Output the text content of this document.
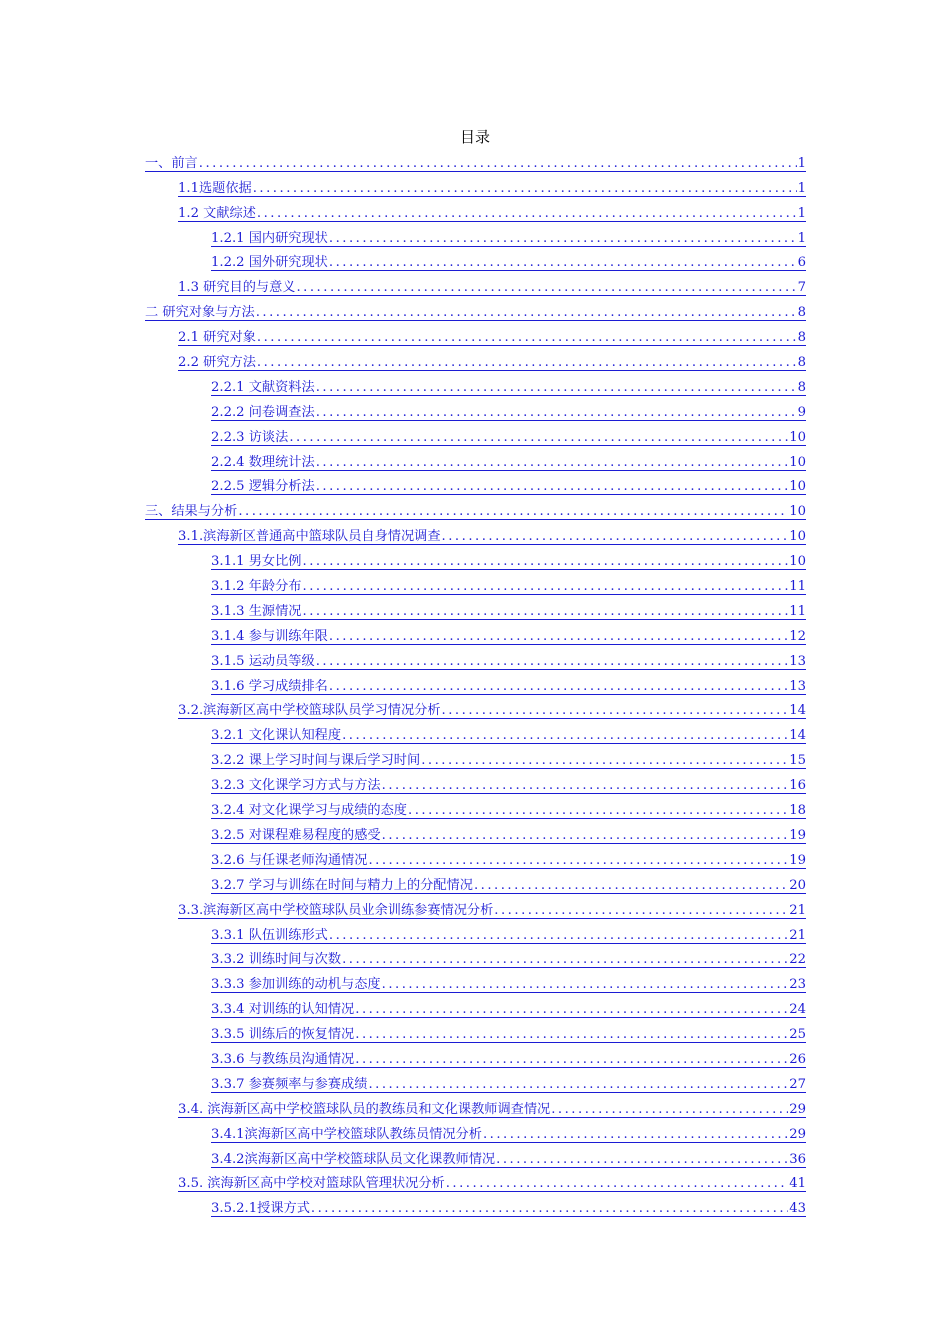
目录
一、前言 .....	1
1.1选题依据 .....	1
1.2 文献综述 .....	1
1.2.1 国内研究现状 .....	1
1.2.2 国外研究现状 .....	6
1.3 研究目的与意义 .....	7
二 研究对象与方法 .....	8
2.1 研究对象 .....	8
2.2 研究方法 .....	8
2.2.1 文献资料法 .....	8
2.2.2 问卷调查法 .....	9
2.2.3 访谈法 .....	10
2.2.4 数理统计法 .....	10
2.2.5 逻辑分析法 .....	10
三、结果与分析 .....	10
3.1.滨海新区普通高中篮球队员自身情况调查 .....	10
3.1.1 男女比例 .....	10
3.1.2 年龄分布 .....	11
3.1.3 生源情况 .....	11
3.1.4 参与训练年限 .....	12
3.1.5 运动员等级 .....	13
3.1.6 学习成绩排名 .....	13
3.2.滨海新区高中学校篮球队员学习情况分析 .....	14
3.2.1 文化课认知程度 .....	14
3.2.2 课上学习时间与课后学习时间 .....	15
3.2.3 文化课学习方式与方法 .....	16
3.2.4 对文化课学习与成绩的态度 .....	18
3.2.5 对课程难易程度的感受 .....	19
3.2.6 与任课老师沟通情况 .....	19
3.2.7 学习与训练在时间与精力上的分配情况 .....	20
3.3.滨海新区高中学校篮球队员业余训练参赛情况分析 .....	21
3.3.1 队伍训练形式 .....	21
3.3.2 训练时间与次数 .....	22
3.3.3 参加训练的动机与态度 .....	23
3.3.4 对训练的认知情况 .....	24
3.3.5 训练后的恢复情况 .....	25
3.3.6 与教练员沟通情况 .....	26
3.3.7 参赛频率与参赛成绩 .....	27
3.4. 滨海新区高中学校篮球队员的教练员和文化课教师调查情况 .....	29
3.4.1滨海新区高中学校篮球队教练员情况分析 .....	29
3.4.2滨海新区高中学校篮球队员文化课教师情况 .....	36
3.5. 滨海新区高中学校对篮球队管理状况分析 .....	41
3.5.2.1授课方式 .....	43
